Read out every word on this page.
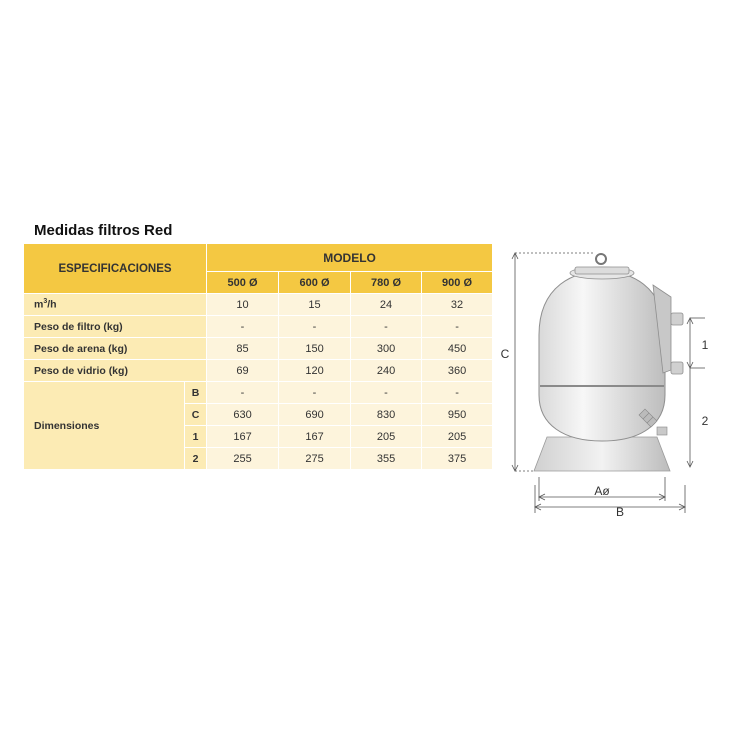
Medidas filtros Red
ESPECIFICACIONES		MODELO			
		500 Ø	600 Ø	780 Ø	900 Ø
$m^3/h$		10	15	24	32
Peso de filtro (kg)		-	-	-	-
Peso de arena (kg)		85	150	300	450
Peso de vidrio (kg)		69	120	240	360
Dimensiones	B	-	-	-	-
	C	630	690	830	950
	1	167	167	205	205
	2	255	275	355	375
C
1
2
Aø
B
